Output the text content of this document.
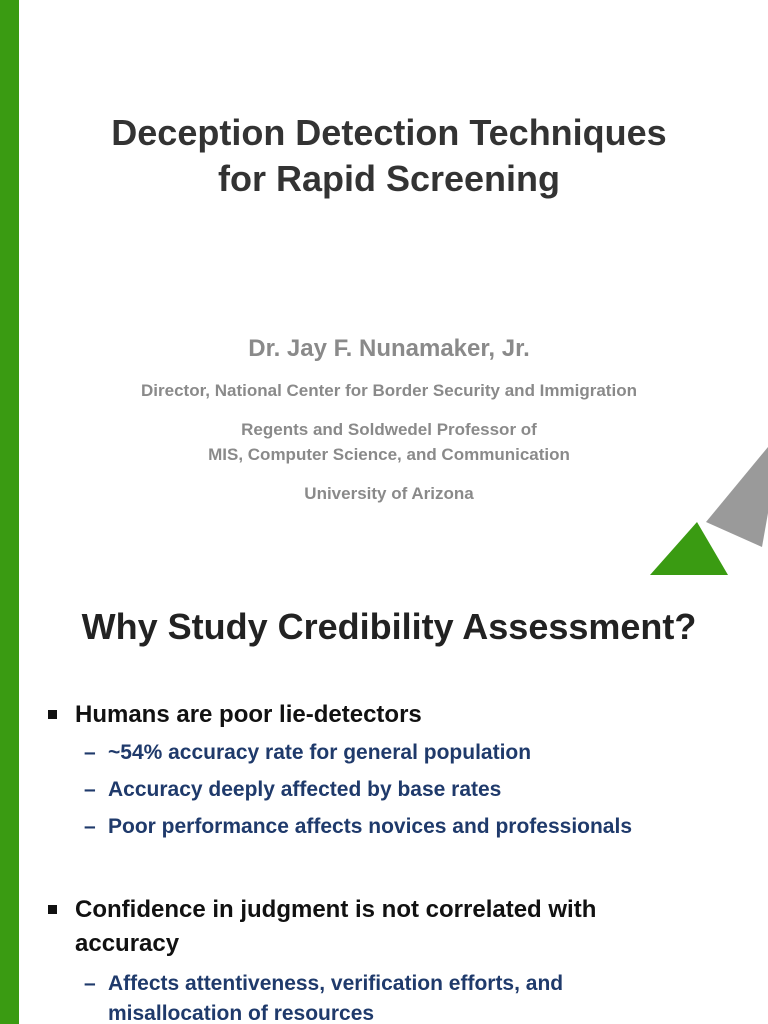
Deception Detection Techniques
for Rapid Screening
Dr. Jay F. Nunamaker, Jr.
Director, National Center for Border Security and Immigration
Regents and Soldwedel Professor of
MIS, Computer Science, and Communication
University of Arizona
Why Study Credibility Assessment?
Humans are poor lie-detectors
– ~54% accuracy rate for general population
– Accuracy deeply affected by base rates
– Poor performance affects novices and professionals
Confidence in judgment is not correlated with accuracy
– Affects attentiveness, verification efforts, and misallocation of resources
